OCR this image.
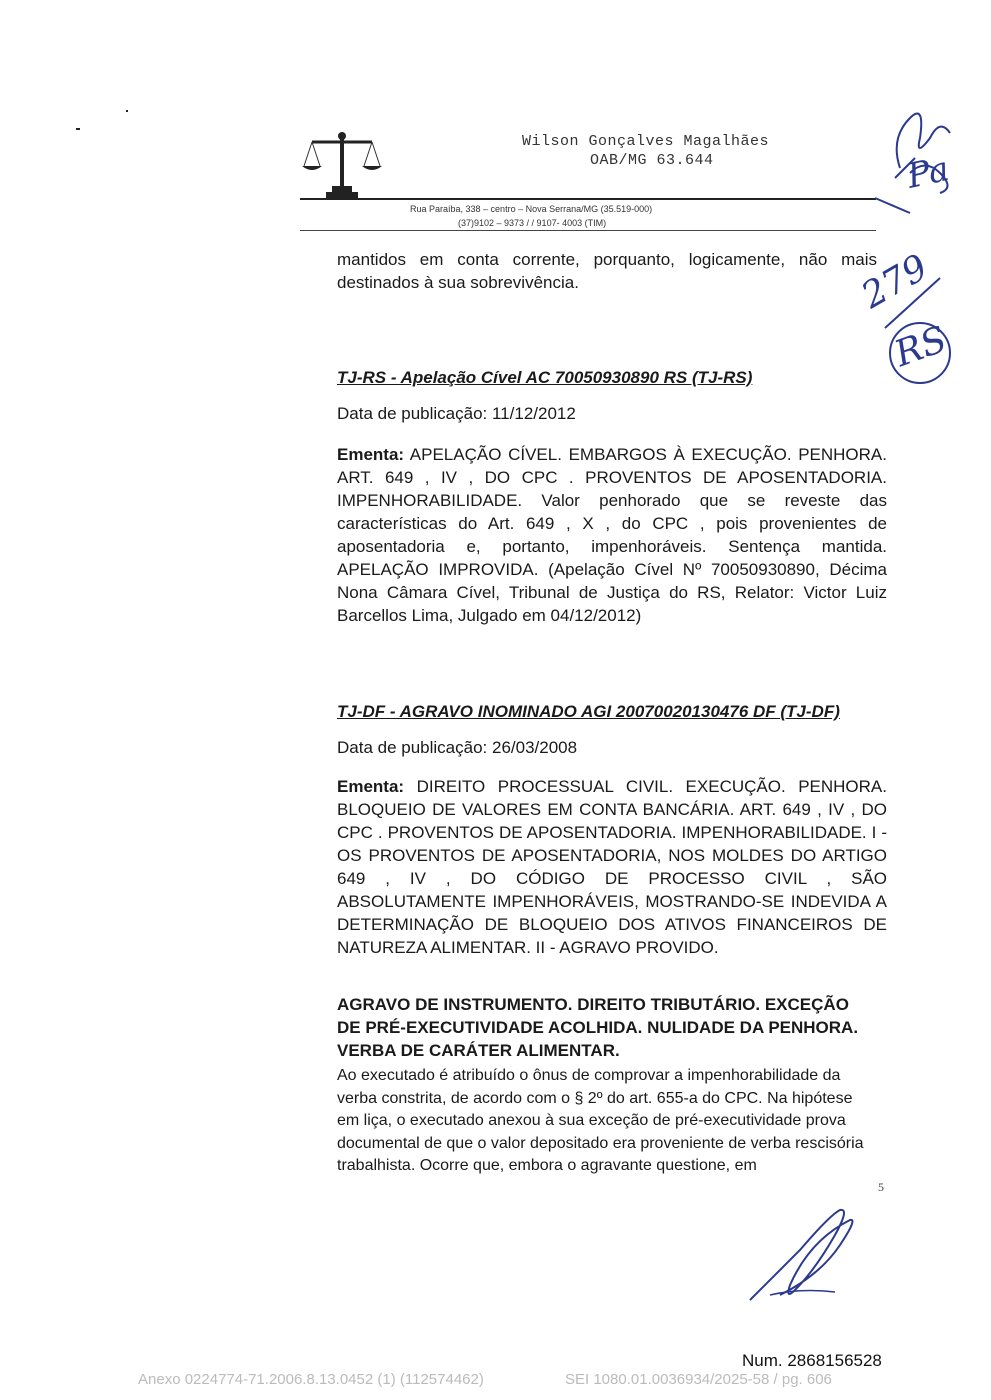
Wilson Gonçalves Magalhães
OAB/MG 63.644
Rua Paraíba, 338 – centro – Nova Serrana/MG (35.519-000)
(37)9102 – 9373 / / 9107- 4003 (TIM)
mantidos em conta corrente, porquanto, logicamente, não mais destinados à sua sobrevivência.
TJ-RS - Apelação Cível AC 70050930890 RS (TJ-RS)
Data de publicação: 11/12/2012
Ementa: APELAÇÃO CÍVEL. EMBARGOS À EXECUÇÃO. PENHORA. ART. 649 , IV , DO CPC . PROVENTOS DE APOSENTADORIA. IMPENHORABILIDADE. Valor penhorado que se reveste das características do Art. 649 , X , do CPC , pois provenientes de aposentadoria e, portanto, impenhoráveis. Sentença mantida. APELAÇÃO IMPROVIDA. (Apelação Cível Nº 70050930890, Décima Nona Câmara Cível, Tribunal de Justiça do RS, Relator: Victor Luiz Barcellos Lima, Julgado em 04/12/2012)
TJ-DF - AGRAVO INOMINADO AGI 20070020130476 DF (TJ-DF)
Data de publicação: 26/03/2008
Ementa: DIREITO PROCESSUAL CIVIL. EXECUÇÃO. PENHORA. BLOQUEIO DE VALORES EM CONTA BANCÁRIA. ART. 649 , IV , DO CPC . PROVENTOS DE APOSENTADORIA. IMPENHORABILIDADE. I - OS PROVENTOS DE APOSENTADORIA, NOS MOLDES DO ARTIGO 649 , IV , DO CÓDIGO DE PROCESSO CIVIL , SÃO ABSOLUTAMENTE IMPENHORÁVEIS, MOSTRANDO-SE INDEVIDA A DETERMINAÇÃO DE BLOQUEIO DOS ATIVOS FINANCEIROS DE NATUREZA ALIMENTAR. II - AGRAVO PROVIDO.
AGRAVO DE INSTRUMENTO. DIREITO TRIBUTÁRIO. EXCEÇÃO DE PRÉ-EXECUTIVIDADE ACOLHIDA. NULIDADE DA PENHORA. VERBA DE CARÁTER ALIMENTAR.
Ao executado é atribuído o ônus de comprovar a impenhorabilidade da verba constrita, de acordo com o § 2º do art. 655-a do CPC. Na hipótese em liça, o executado anexou à sua exceção de pré-executividade prova documental de que o valor depositado era proveniente de verba rescisória trabalhista. Ocorre que, embora o agravante questione, em
5
Pa
279
RS
Num. 2868156528
Anexo 0224774-71.2006.8.13.0452 (1) (112574462)	SEI 1080.01.0036934/2025-58 / pg. 606
